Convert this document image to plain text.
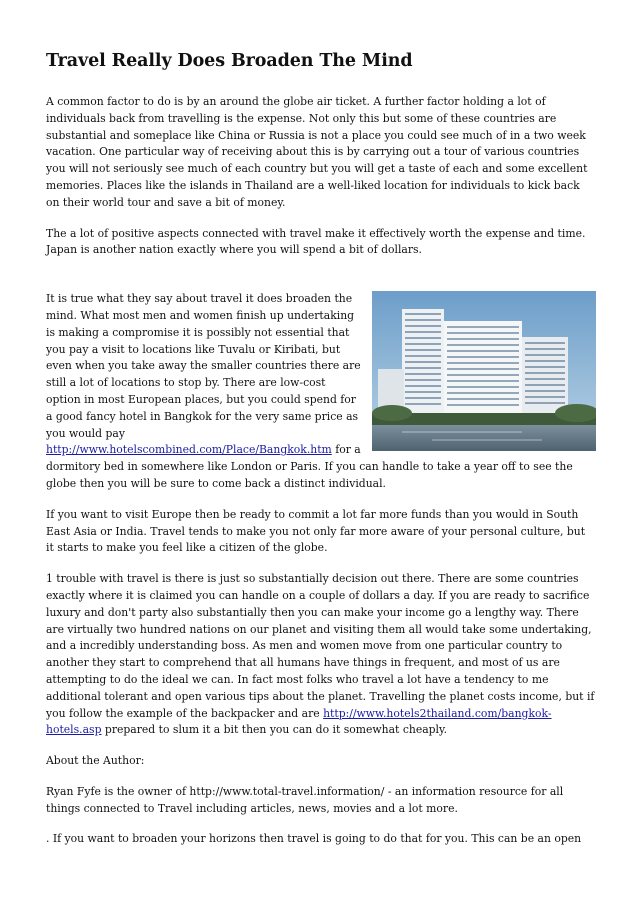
Travel Really Does Broaden The Mind

A common factor to do is by an around the globe air ticket. A further factor holding a lot of individuals back from travelling is the expense. Not only this but some of these countries are substantial and someplace like China or Russia is not a place you could see much of in a two week vacation. One particular way of receiving about this is by carrying out a tour of various countries you will not seriously see much of each country but you will get a taste of each and some excellent memories. Places like the islands in Thailand are a well-liked location for individuals to kick back on their world tour and save a bit of money.

The a lot of positive aspects connected with travel make it effectively worth the expense and time. Japan is another nation exactly where you will spend a bit of dollars.

It is true what they say about travel it does broaden the mind. What most men and women finish up undertaking is making a compromise it is possibly not essential that you pay a visit to locations like Tuvalu or Kiribati, but even when you take away the smaller countries there are still a lot of locations to stop by. There are low-cost option in most European places, but you could spend for a good fancy hotel in Bangkok for the very same price as you would pay http://www.hotelscombined.com/Place/Bangkok.htm for a dormitory bed in somewhere like London or Paris. If you can handle to take a year off to see the globe then you will be sure to come back a distinct individual.

If you want to visit Europe then be ready to commit a lot far more funds than you would in South East Asia or India. Travel tends to make you not only far more aware of your personal culture, but it starts to make you feel like a citizen of the globe.

1 trouble with travel is there is just so substantially decision out there. There are some countries exactly where it is claimed you can handle on a couple of dollars a day. If you are ready to sacrifice luxury and don't party also substantially then you can make your income go a lengthy way. There are virtually two hundred nations on our planet and visiting them all would take some undertaking, and a incredibly understanding boss. As men and women move from one particular country to another they start to comprehend that all humans have things in frequent, and most of us are attempting to do the ideal we can. In fact most folks who travel a lot have a tendency to me additional tolerant and open various tips about the planet. Travelling the planet costs income, but if you follow the example of the backpacker and are http://www.hotels2thailand.com/bangkok-hotels.asp prepared to slum it a bit then you can do it somewhat cheaply.

About the Author:

Ryan Fyfe is the owner of http://www.total-travel.information/ - an information resource for all things connected to Travel including articles, news, movies and a lot more.

. If you want to broaden your horizons then travel is going to do that for you. This can be an open
